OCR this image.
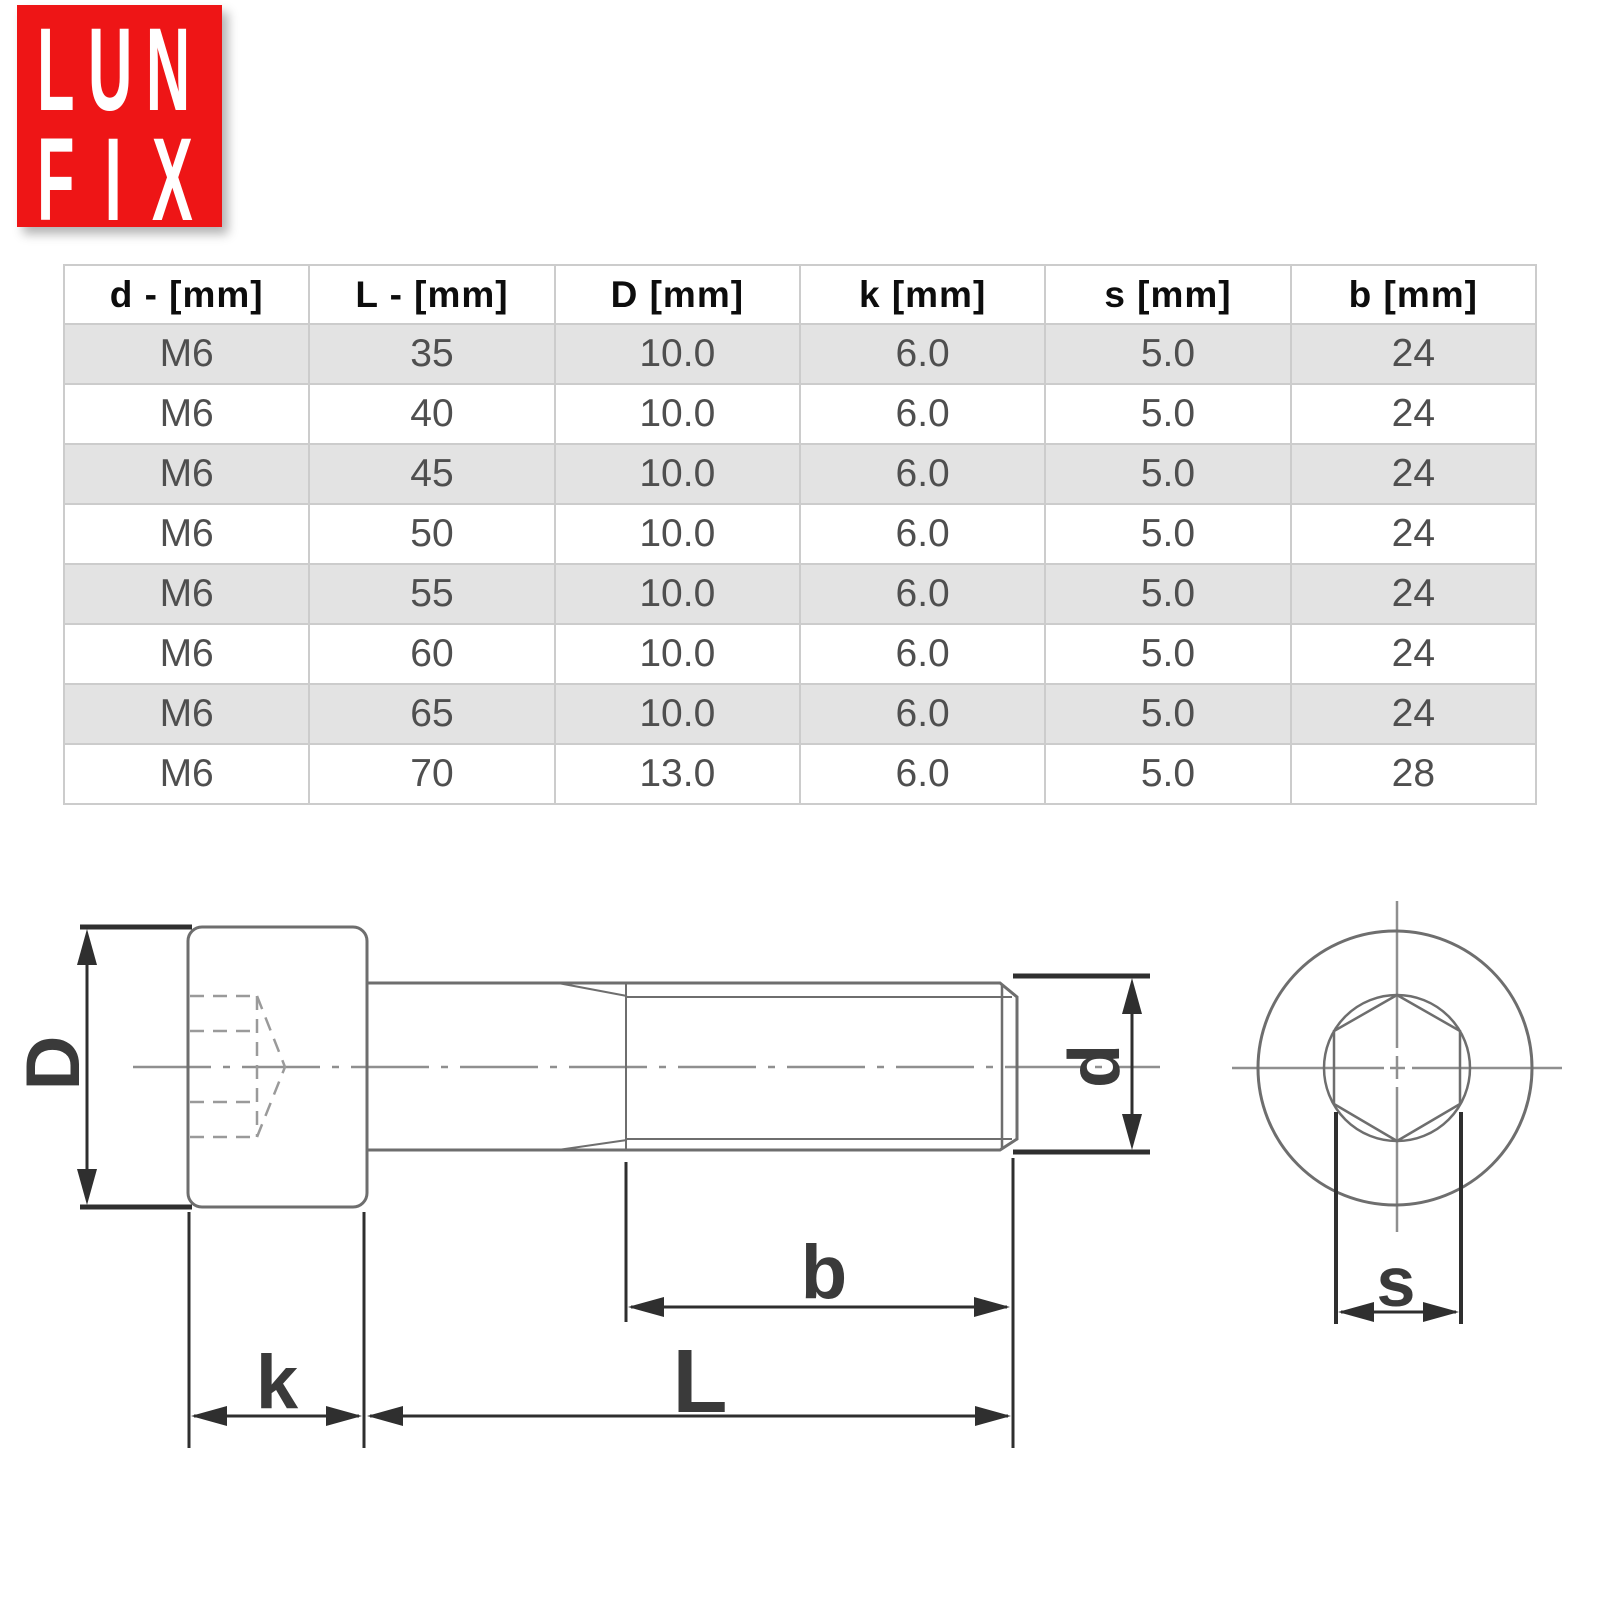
LUN
FIX
d - [mm]	L - [mm]	D [mm]	k [mm]	s [mm]	b [mm]
M6	35	10.0	6.0	5.0	24
M6	40	10.0	6.0	5.0	24
M6	45	10.0	6.0	5.0	24
M6	50	10.0	6.0	5.0	24
M6	55	10.0	6.0	5.0	24
M6	60	10.0	6.0	5.0	24
M6	65	10.0	6.0	5.0	24
M6	70	13.0	6.0	5.0	28
D	d
k	L
b	s
